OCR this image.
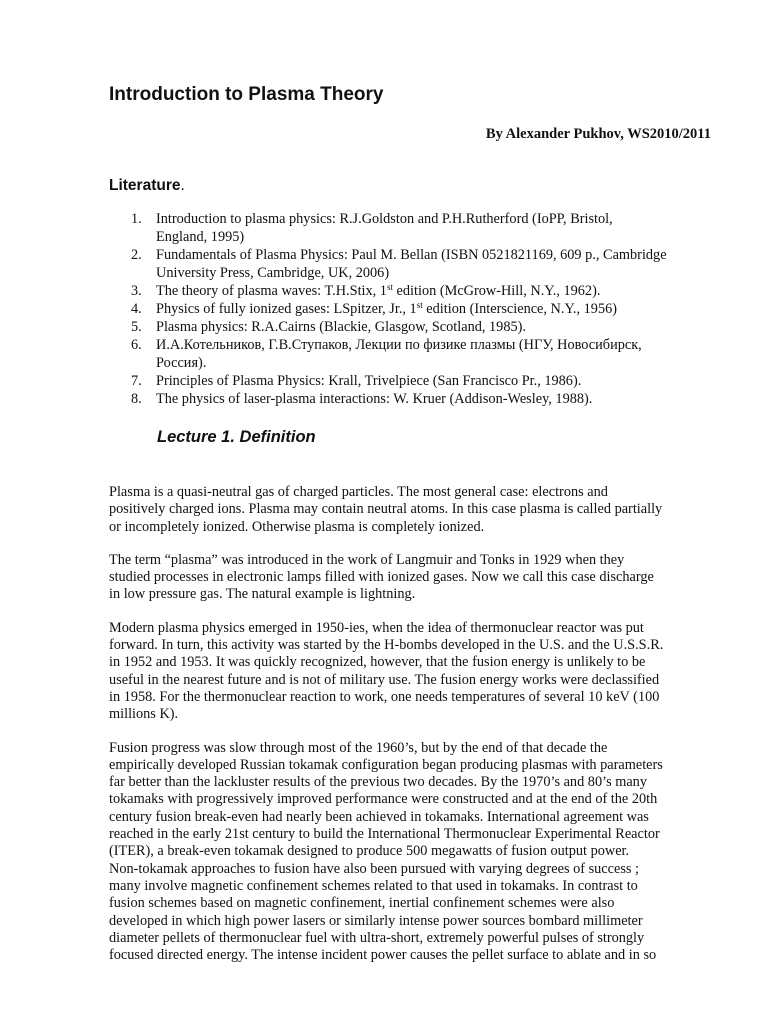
Introduction to Plasma Theory
By Alexander Pukhov, WS2010/2011
Literature.
1. Introduction to plasma physics: R.J.Goldston and P.H.Rutherford (IoPP, Bristol,
England, 1995)
2. Fundamentals of Plasma Physics: Paul M. Bellan (ISBN 0521821169, 609 p., Cambridge
University Press, Cambridge, UK, 2006)
3. The theory of plasma waves: T.H.Stix, 1st edition (McGrow-Hill, N.Y., 1962).
4. Physics of fully ionized gases: LSpitzer, Jr., 1st edition (Interscience, N.Y., 1956)
5. Plasma physics: R.A.Cairns (Blackie, Glasgow, Scotland, 1985).
6. И.А.Котельников, Г.В.Ступаков, Лекции по физике плазмы (НГУ, Новосибирск,
Россия).
7. Principles of Plasma Physics: Krall, Trivelpiece (San Francisco Pr., 1986).
8. The physics of laser-plasma interactions: W. Kruer (Addison-Wesley, 1988).
Lecture 1. Definition

Plasma is a quasi-neutral gas of charged particles. The most general case: electrons and
positively charged ions. Plasma may contain neutral atoms. In this case plasma is called partially
or incompletely ionized. Otherwise plasma is completely ionized.

The term “plasma” was introduced in the work of Langmuir and Tonks in 1929 when they
studied processes in electronic lamps filled with ionized gases. Now we call this case discharge
in low pressure gas. The natural example is lightning.

Modern plasma physics emerged in 1950-ies, when the idea of thermonuclear reactor was put
forward. In turn, this activity was started by the H-bombs developed in the U.S. and the U.S.S.R.
in 1952 and 1953. It was quickly recognized, however, that the fusion energy is unlikely to be
useful in the nearest future and is not of military use. The fusion energy works were declassified
in 1958. For the thermonuclear reaction to work, one needs temperatures of several 10 keV (100
millions K).

Fusion progress was slow through most of the 1960’s, but by the end of that decade the
empirically developed Russian tokamak configuration began producing plasmas with parameters
far better than the lackluster results of the previous two decades. By the 1970’s and 80’s many
tokamaks with progressively improved performance were constructed and at the end of the 20th
century fusion break-even had nearly been achieved in tokamaks. International agreement was
reached in the early 21st century to build the International Thermonuclear Experimental Reactor
(ITER), a break-even tokamak designed to produce 500 megawatts of fusion output power.
Non-tokamak approaches to fusion have also been pursued with varying degrees of success ;
many involve magnetic confinement schemes related to that used in tokamaks. In contrast to
fusion schemes based on magnetic confinement, inertial confinement schemes were also
developed in which high power lasers or similarly intense power sources bombard millimeter
diameter pellets of thermonuclear fuel with ultra-short, extremely powerful pulses of strongly
focused directed energy. The intense incident power causes the pellet surface to ablate and in so
